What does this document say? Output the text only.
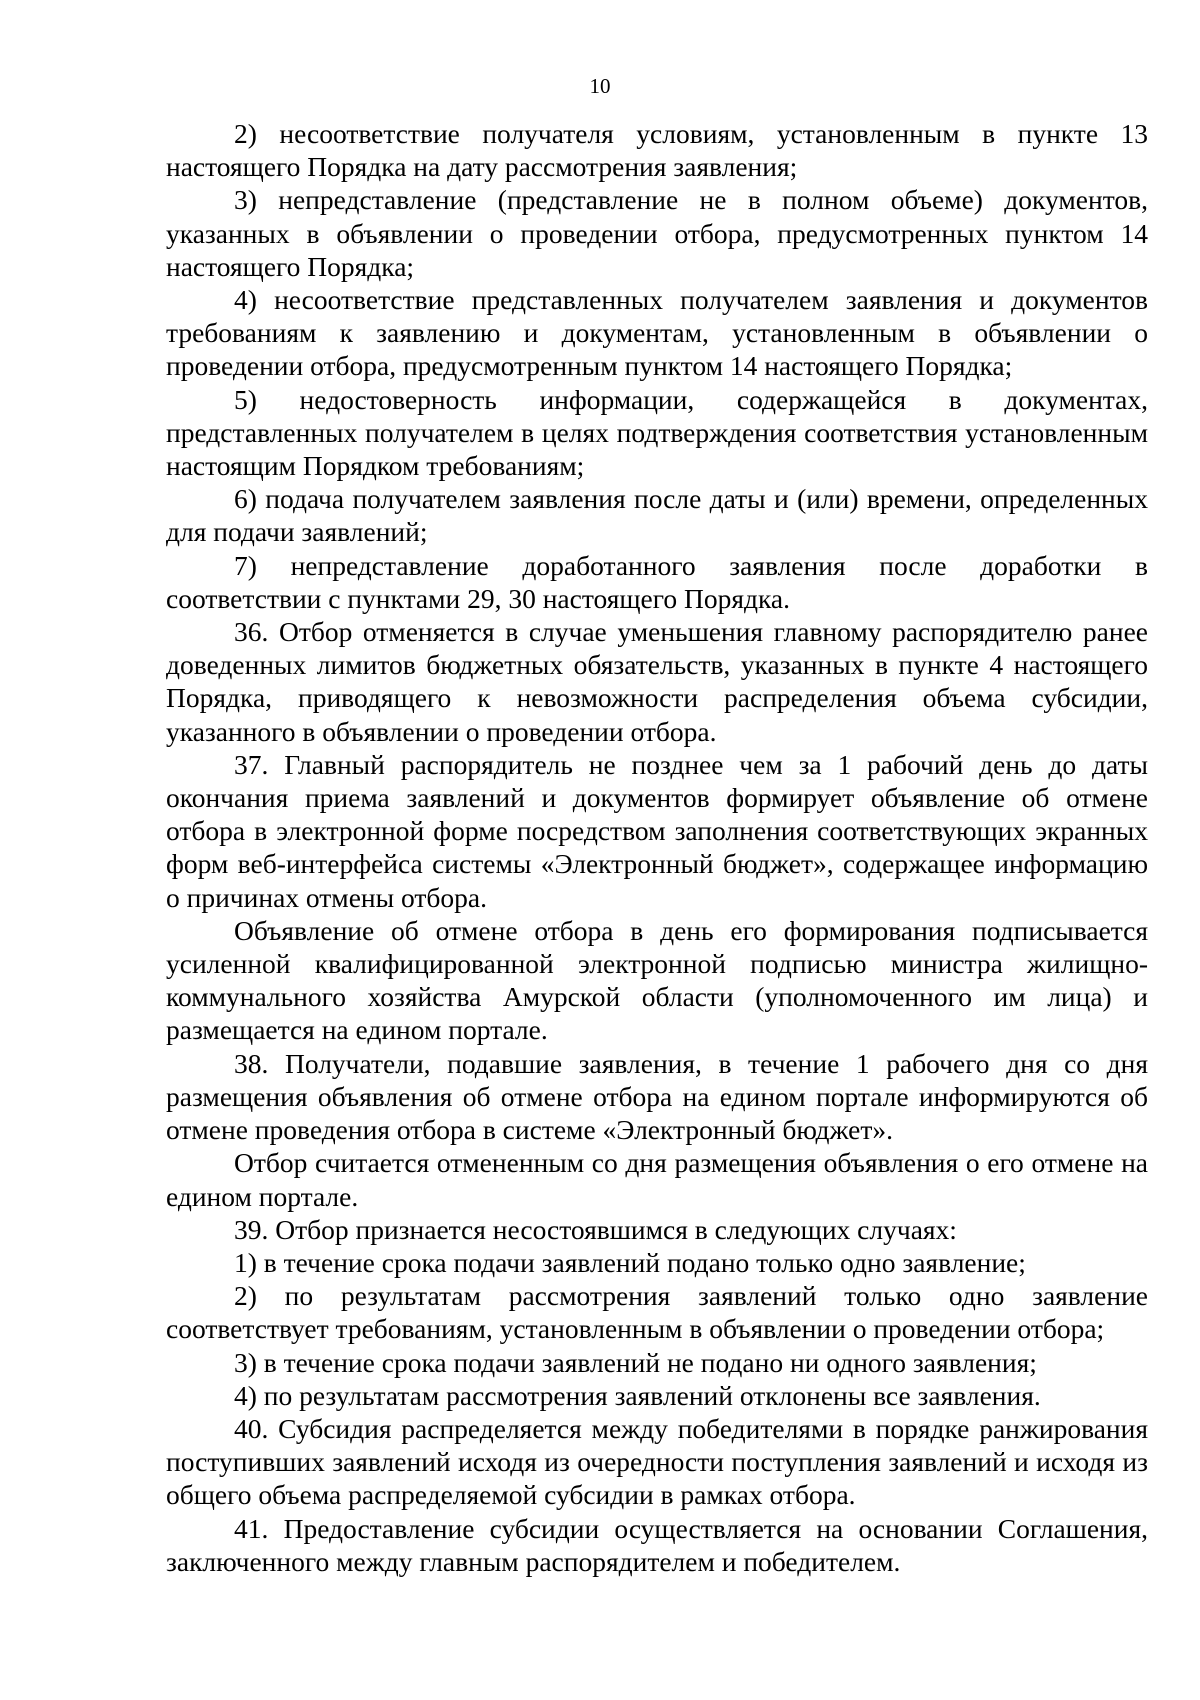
10

2) несоответствие получателя условиям, установленным в пункте 13 настоящего Порядка на дату рассмотрения заявления;

3) непредставление (представление не в полном объеме) документов, указанных в объявлении о проведении отбора, предусмотренных пунктом 14 настоящего Порядка;

4) несоответствие представленных получателем заявления и документов требованиям к заявлению и документам, установленным в объявлении о проведении отбора, предусмотренным пунктом 14 настоящего Порядка;

5) недостоверность информации, содержащейся в документах, представленных получателем в целях подтверждения соответствия установленным настоящим Порядком требованиям;

6) подача получателем заявления после даты и (или) времени, определенных для подачи заявлений;

7) непредставление доработанного заявления после доработки в соответствии с пунктами 29, 30 настоящего Порядка.

36. Отбор отменяется в случае уменьшения главному распорядителю ранее доведенных лимитов бюджетных обязательств, указанных в пункте 4 настоящего Порядка, приводящего к невозможности распределения объема субсидии, указанного в объявлении о проведении отбора.

37. Главный распорядитель не позднее чем за 1 рабочий день до даты окончания приема заявлений и документов формирует объявление об отмене отбора в электронной форме посредством заполнения соответствующих экранных форм веб-интерфейса системы «Электронный бюджет», содержащее информацию о причинах отмены отбора.

Объявление об отмене отбора в день его формирования подписывается усиленной квалифицированной электронной подписью министра жилищно-коммунального хозяйства Амурской области (уполномоченного им лица) и размещается на едином портале.

38. Получатели, подавшие заявления, в течение 1 рабочего дня со дня размещения объявления об отмене отбора на едином портале информируются об отмене проведения отбора в системе «Электронный бюджет».

Отбор считается отмененным со дня размещения объявления о его отмене на едином портале.

39. Отбор признается несостоявшимся в следующих случаях:

1) в течение срока подачи заявлений подано только одно заявление;

2) по результатам рассмотрения заявлений только одно заявление соответствует требованиям, установленным в объявлении о проведении отбора;

3) в течение срока подачи заявлений не подано ни одного заявления;

4) по результатам рассмотрения заявлений отклонены все заявления.

40. Субсидия распределяется между победителями в порядке ранжирования поступивших заявлений исходя из очередности поступления заявлений и исходя из общего объема распределяемой субсидии в рамках отбора.

41. Предоставление субсидии осуществляется на основании Соглашения, заключенного между главным распорядителем и победителем.
